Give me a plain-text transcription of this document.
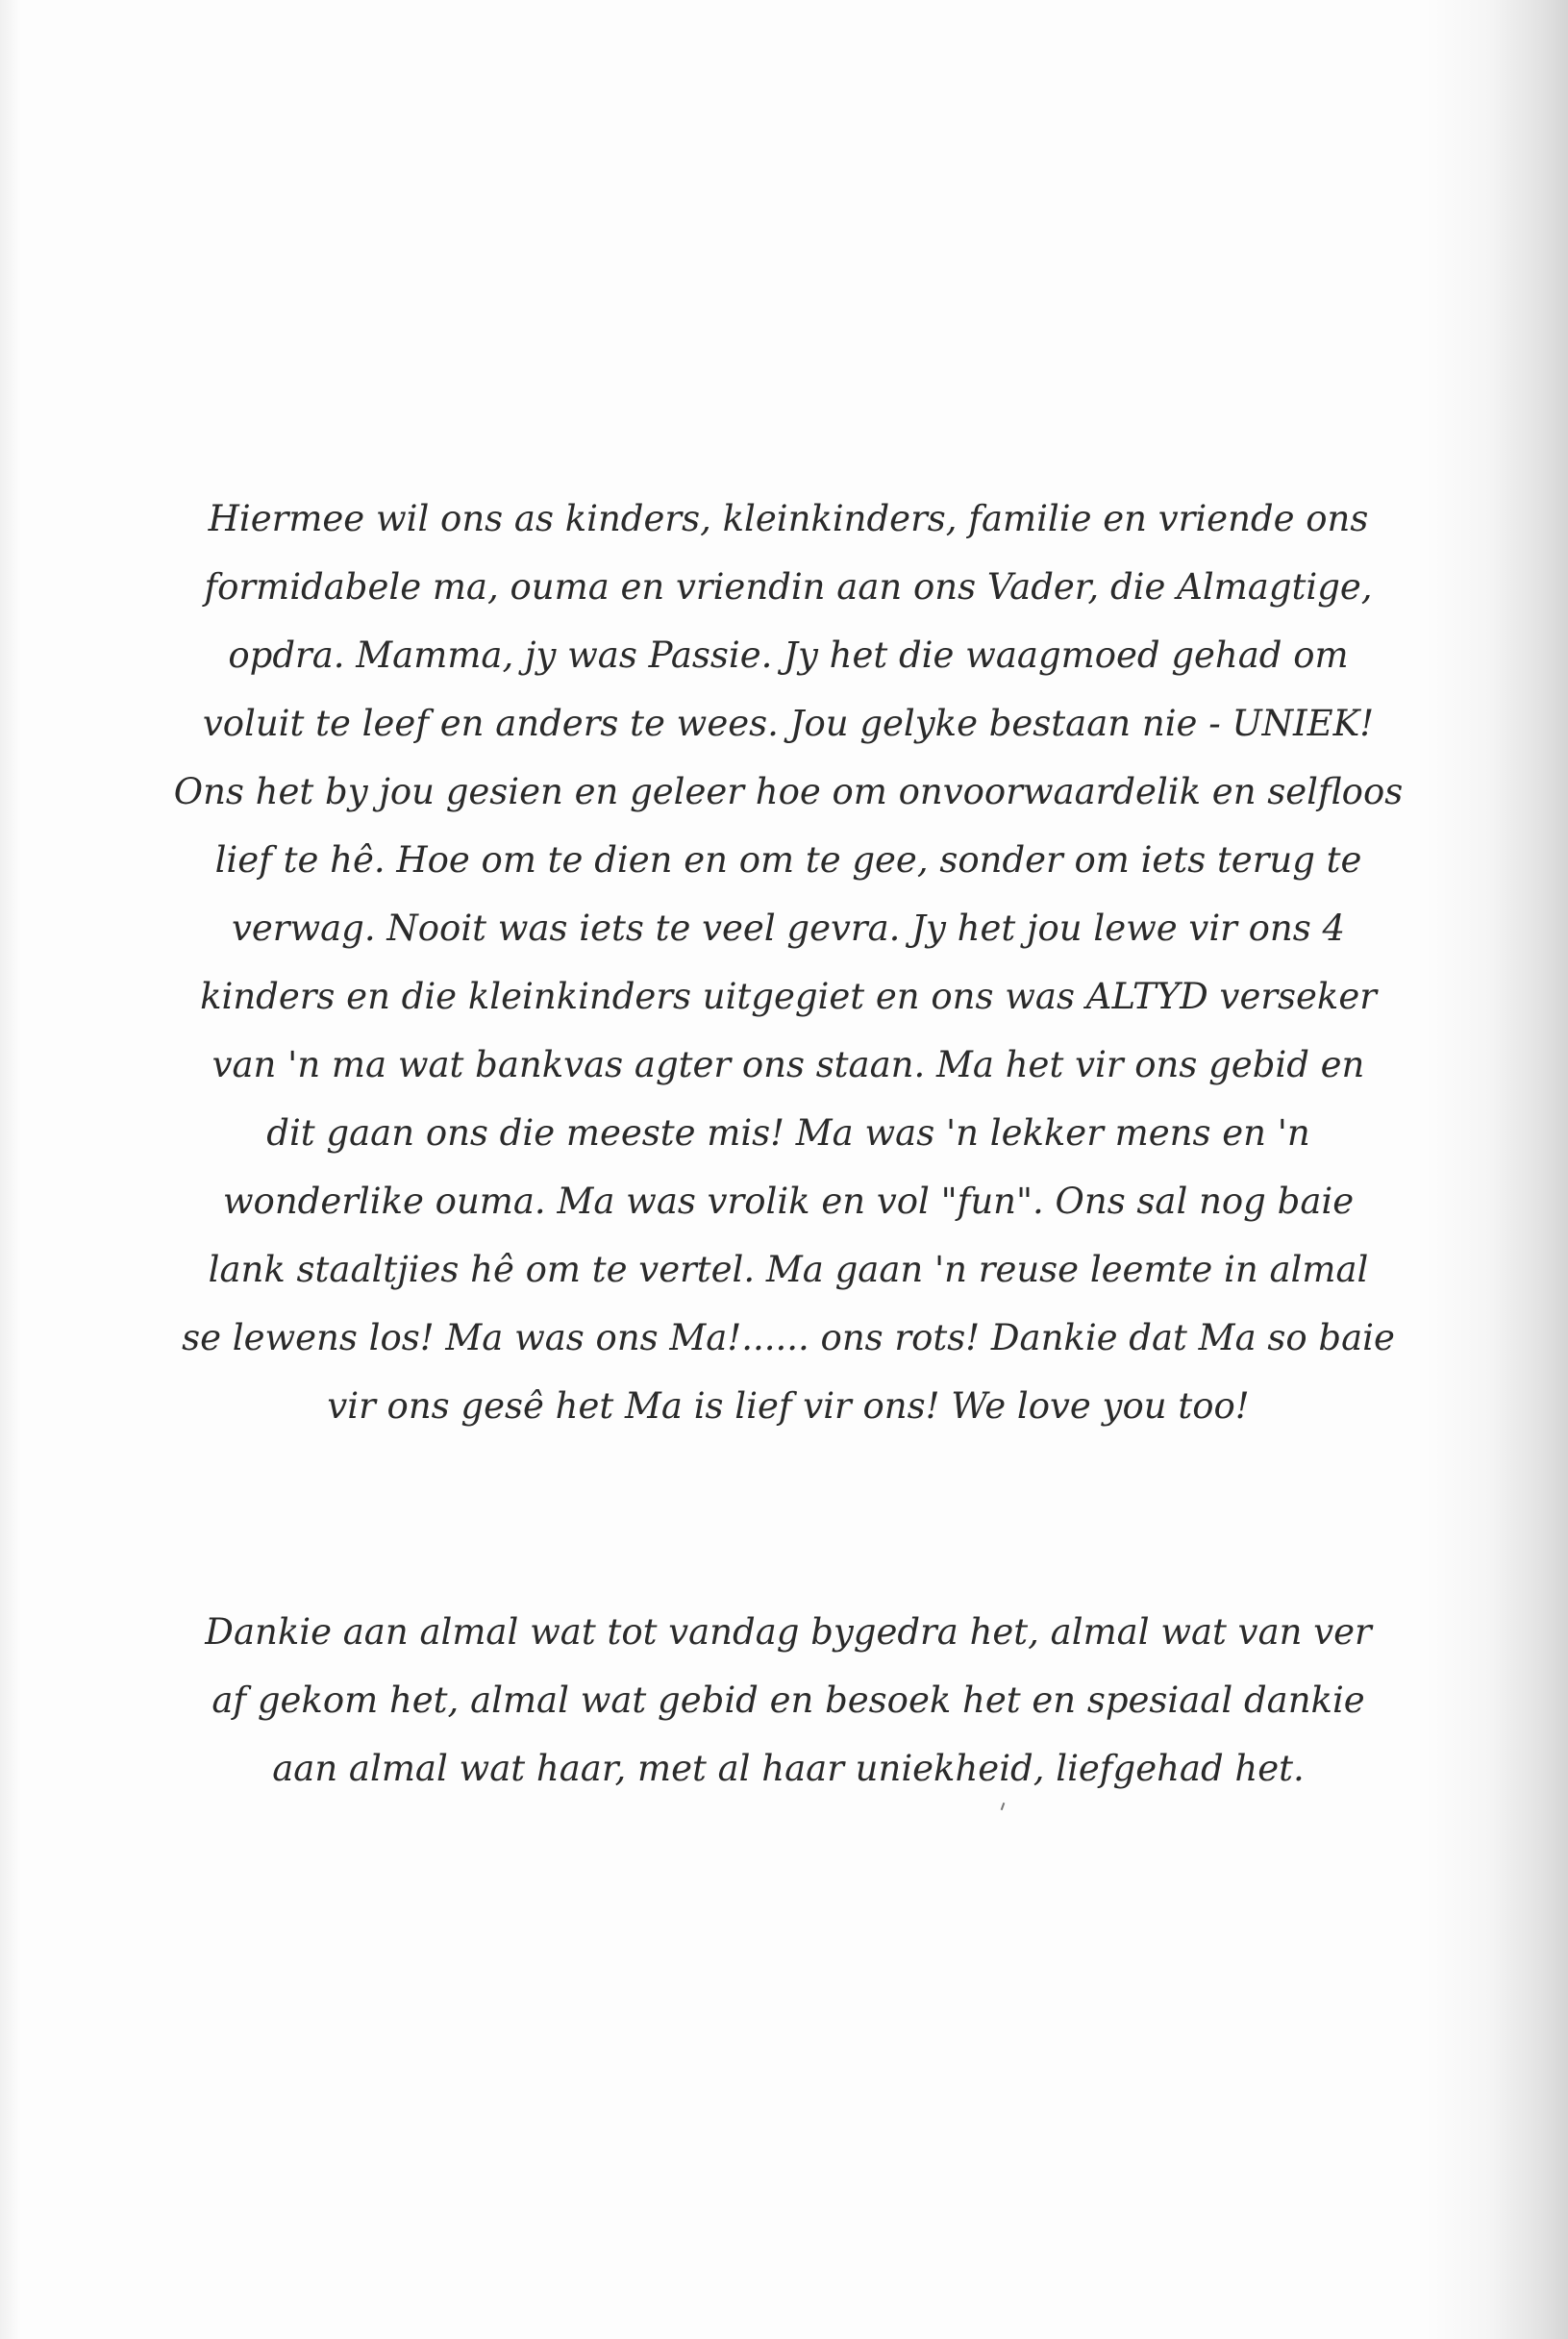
Hiermee wil ons as kinders, kleinkinders, familie en vriende ons
formidabele ma, ouma en vriendin aan ons Vader, die Almagtige,
opdra. Mamma, jy was Passie. Jy het die waagmoed gehad om
voluit te leef en anders te wees. Jou gelyke bestaan nie - UNIEK!
Ons het by jou gesien en geleer hoe om onvoorwaardelik en selfloos
lief te hê. Hoe om te dien en om te gee, sonder om iets terug te
verwag. Nooit was iets te veel gevra. Jy het jou lewe vir ons 4
kinders en die kleinkinders uitgegiet en ons was ALTYD verseker
van 'n ma wat bankvas agter ons staan. Ma het vir ons gebid en
dit gaan ons die meeste mis! Ma was 'n lekker mens en 'n
wonderlike ouma. Ma was vrolik en vol "fun". Ons sal nog baie
lank staaltjies hê om te vertel. Ma gaan 'n reuse leemte in almal
se lewens los! Ma was ons Ma!...... ons rots! Dankie dat Ma so baie
vir ons gesê het Ma is lief vir ons! We love you too!
Dankie aan almal wat tot vandag bygedra het, almal wat van ver
af gekom het, almal wat gebid en besoek het en spesiaal dankie
aan almal wat haar, met al haar uniekheid, liefgehad het.
